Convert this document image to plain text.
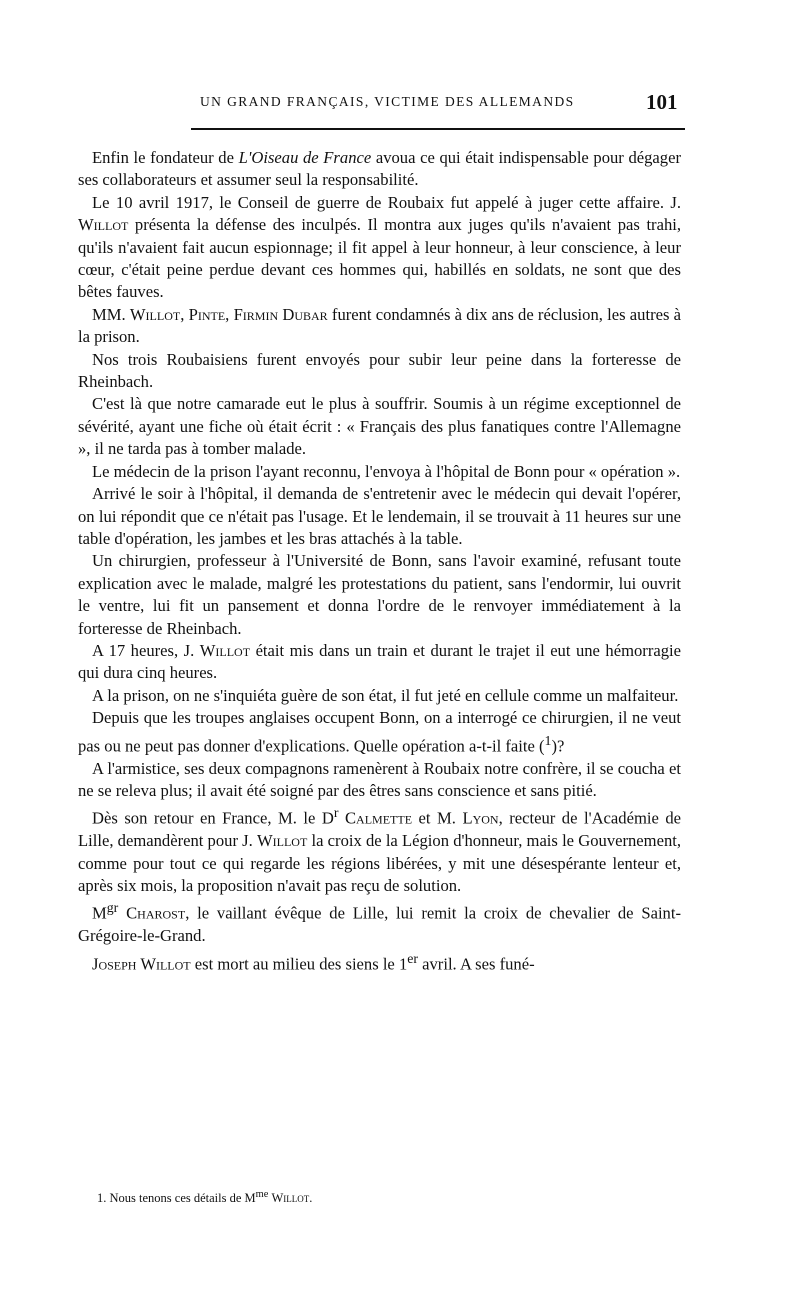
UN GRAND FRANÇAIS, VICTIME DES ALLEMANDS	101

Enfin le fondateur de L'Oiseau de France avoua ce qui était indispensable pour dégager ses collaborateurs et assumer seul la responsabilité.

Le 10 avril 1917, le Conseil de guerre de Roubaix fut appelé à juger cette affaire. J. Willot présenta la défense des inculpés. Il montra aux juges qu'ils n'avaient pas trahi, qu'ils n'avaient fait aucun espionnage; il fit appel à leur honneur, à leur conscience, à leur cœur, c'était peine perdue devant ces hommes qui, habillés en soldats, ne sont que des bêtes fauves.

MM. Willot, Pinte, Firmin Dubar furent condamnés à dix ans de réclusion, les autres à la prison.

Nos trois Roubaisiens furent envoyés pour subir leur peine dans la forteresse de Rheinbach.

C'est là que notre camarade eut le plus à souffrir. Soumis à un régime exceptionnel de sévérité, ayant une fiche où était écrit : « Français des plus fanatiques contre l'Allemagne », il ne tarda pas à tomber malade.

Le médecin de la prison l'ayant reconnu, l'envoya à l'hôpital de Bonn pour « opération ».

Arrivé le soir à l'hôpital, il demanda de s'entretenir avec le médecin qui devait l'opérer, on lui répondit que ce n'était pas l'usage. Et le lendemain, il se trouvait à 11 heures sur une table d'opération, les jambes et les bras attachés à la table.

Un chirurgien, professeur à l'Université de Bonn, sans l'avoir examiné, refusant toute explication avec le malade, malgré les protestations du patient, sans l'endormir, lui ouvrit le ventre, lui fit un pansement et donna l'ordre de le renvoyer immédiatement à la forteresse de Rheinbach.

A 17 heures, J. Willot était mis dans un train et durant le trajet il eut une hémorragie qui dura cinq heures.

A la prison, on ne s'inquiéta guère de son état, il fut jeté en cellule comme un malfaiteur.

Depuis que les troupes anglaises occupent Bonn, on a interrogé ce chirurgien, il ne veut pas ou ne peut pas donner d'explications. Quelle opération a-t-il faite ($^1$)?

A l'armistice, ses deux compagnons ramenèrent à Roubaix notre confrère, il se coucha et ne se releva plus; il avait été soigné par des êtres sans conscience et sans pitié.

Dès son retour en France, M. le $D^r$ Calmette et M. Lyon, recteur de l'Académie de Lille, demandèrent pour J. Willot la croix de la Légion d'honneur, mais le Gouvernement, comme pour tout ce qui regarde les régions libérées, y mit une désespérante lenteur et, après six mois, la proposition n'avait pas reçu de solution.

$M^{gr}$ Charost, le vaillant évêque de Lille, lui remit la croix de chevalier de Saint-Grégoire-le-Grand.

Joseph Willot est mort au milieu des siens le 1er avril. A ses funé-

1. Nous tenons ces détails de $M^{me}$ Willot.
